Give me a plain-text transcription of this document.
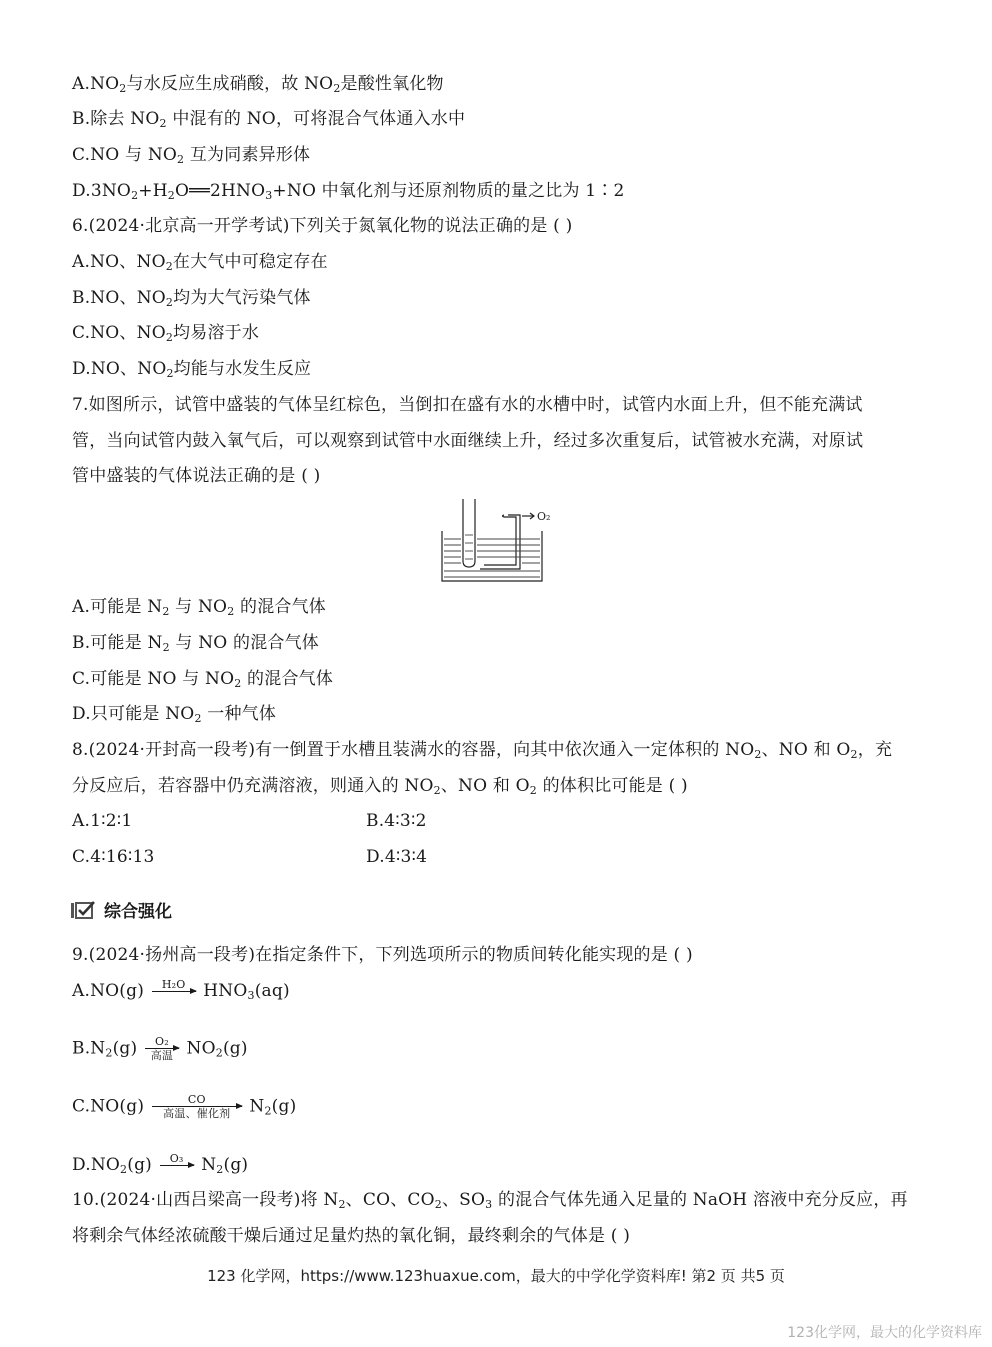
$A.NO_2$与水反应生成硝酸，故 $NO_2$是酸性氧化物
B.除去 $NO_2$ 中混有的 NO，可将混合气体通入水中
C.NO 与 $NO_2$ 互为同素异形体
$D.3NO_2+H_2O══2HNO_3+NO$ 中氧化剂与还原剂物质的量之比为 1∶2
6.(2024·北京高一开学考试)下列关于氮氧化物的说法正确的是 ( )
A.NO、$NO_2$在大气中可稳定存在
B.NO、$NO_2$均为大气污染气体
C.NO、$NO_2$均易溶于水
D.NO、$NO_2$均能与水发生反应
7.如图所示，试管中盛装的气体呈红棕色，当倒扣在盛有水的水槽中时，试管内水面上升，但不能充满试
管，当向试管内鼓入氧气后，可以观察到试管中水面继续上升，经过多次重复后，试管被水充满，对原试
管中盛装的气体说法正确的是 ( )
O₂
A.可能是 $N_2$ 与 $NO_2$ 的混合气体
B.可能是 $N_2$ 与 NO 的混合气体
C.可能是 NO 与 $NO_2$ 的混合气体
D.只可能是 $NO_2$ 一种气体
8.(2024·开封高一段考)有一倒置于水槽且装满水的容器，向其中依次通入一定体积的 $NO_2$、NO 和 $O_2$，充
分反应后，若容器中仍充满溶液，则通入的 $NO_2$、NO 和 $O_2$ 的体积比可能是 ( )
A.1∶2∶1	B.4∶3∶2
C.4∶16∶13	D.4∶3∶4
综合强化
9.(2024·扬州高一段考)在指定条件下，下列选项所示的物质间转化能实现的是 ( )
A.NO(g)	H₂O	$HNO_3(aq)$
$B.N_2(g)$	O₂
高温 $NO_2(g)$
C.NO(g)	CO
高温、催化剂	$N_2(g)$
$D.NO_2(g)$	O₃	$N_2(g)$
10.(2024·山西吕梁高一段考)将 $N_2$、CO、$CO_2$、$SO_3$ 的混合气体先通入足量的 NaOH 溶液中充分反应，再
将剩余气体经浓硫酸干燥后通过足量灼热的氧化铜，最终剩余的气体是 ( )
123 化学网，https://www.123huaxue.com，最大的中学化学资料库! 第2 页 共5 页
123化学网，最大的化学资料库
